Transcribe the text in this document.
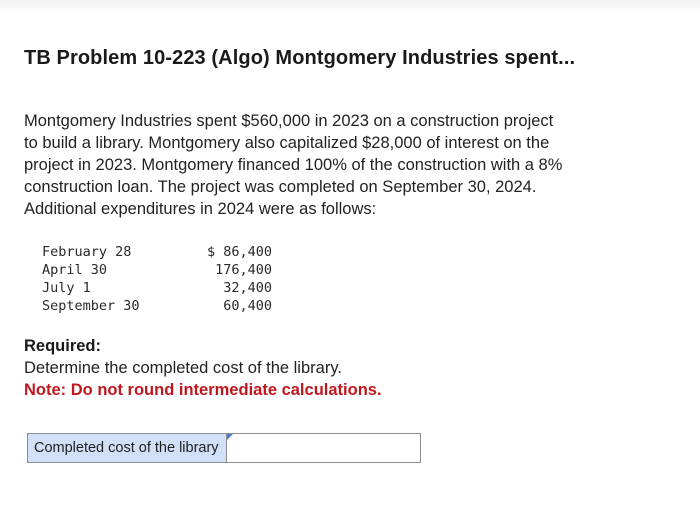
TB Problem 10-223 (Algo) Montgomery Industries spent...
Montgomery Industries spent $560,000 in 2023 on a construction project
to build a library. Montgomery also capitalized $28,000 of interest on the
project in 2023. Montgomery financed 100% of the construction with a 8%
construction loan. The project was completed on September 30, 2024.
Additional expenditures in 2024 were as follows:
February 28	$ 86,400
April 30	176,400
July 1	32,400
September 30	60,400
Required:
Determine the completed cost of the library.
Note: Do not round intermediate calculations.
Completed cost of the library
